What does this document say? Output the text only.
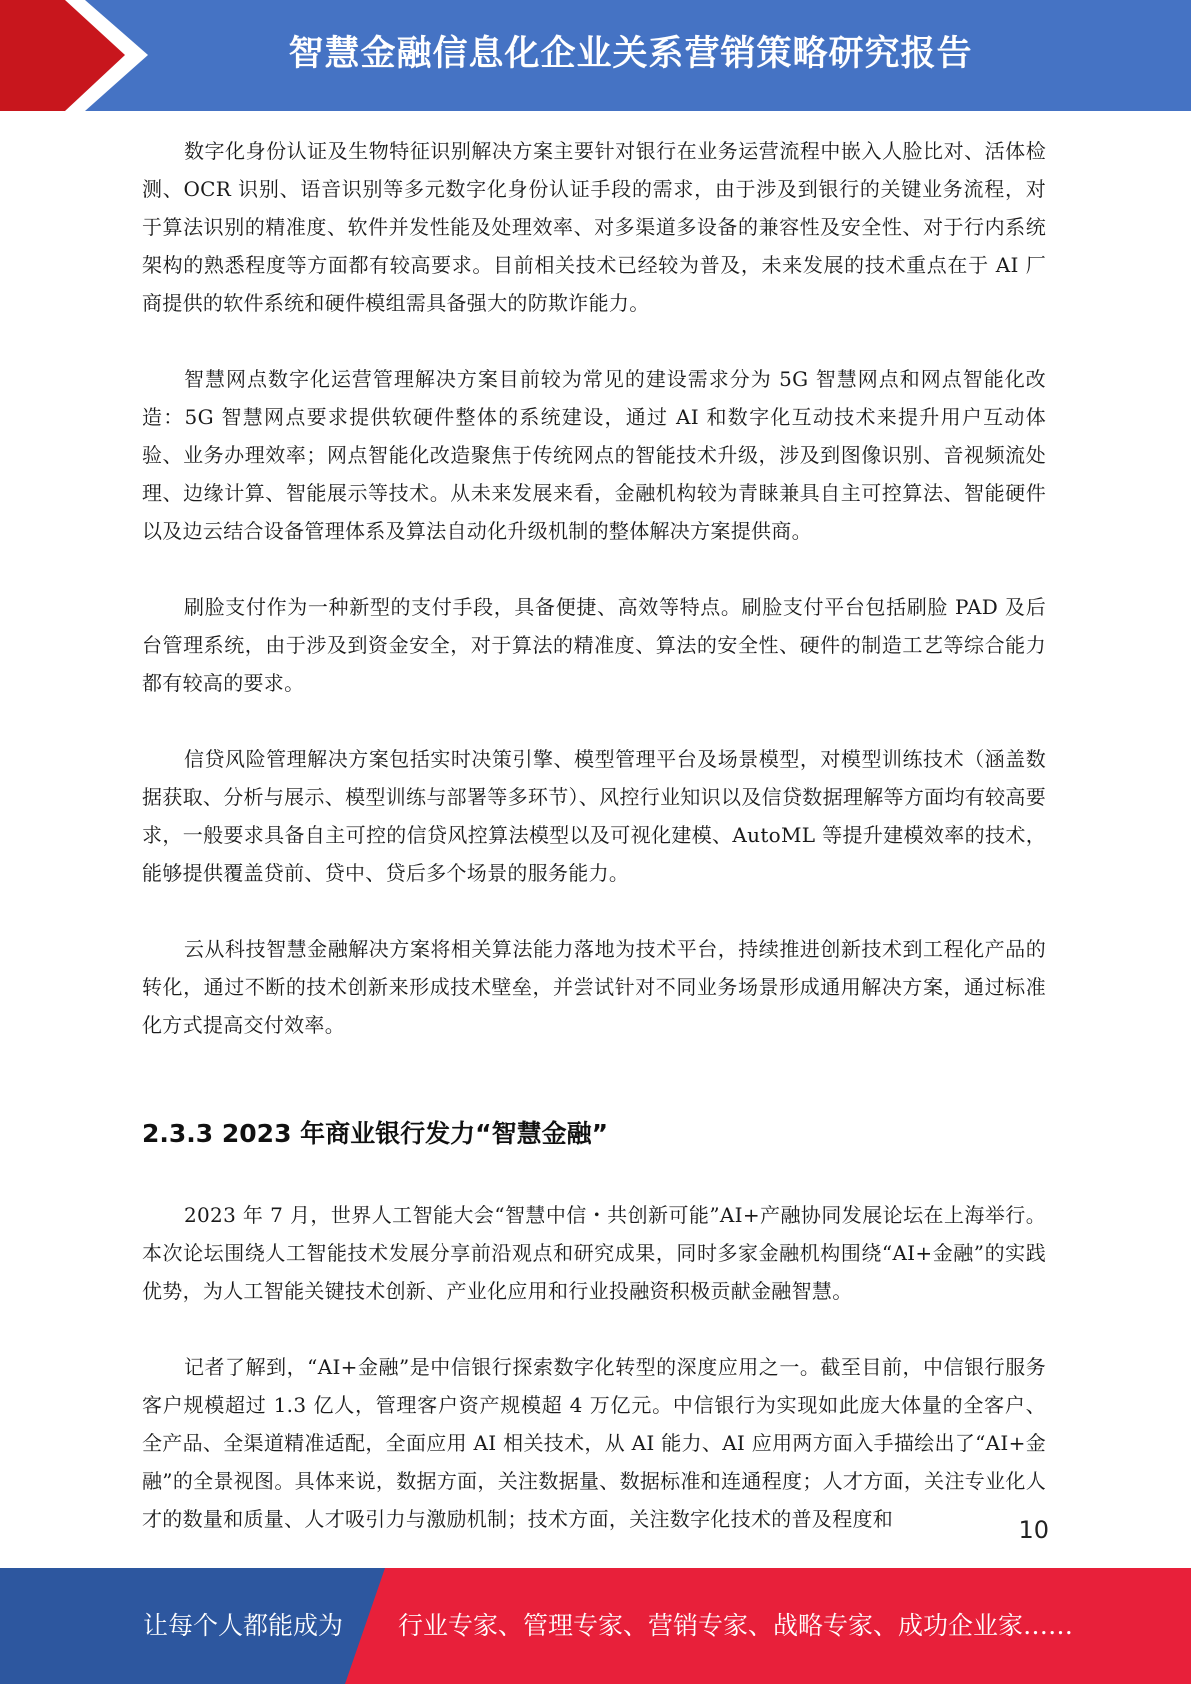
智慧金融信息化企业关系营销策略研究报告

数字化身份认证及生物特征识别解决方案主要针对银行在业务运营流程中嵌入人脸比对、活体检测、OCR 识别、语音识别等多元数字化身份认证手段的需求，由于涉及到银行的关键业务流程，对于算法识别的精准度、软件并发性能及处理效率、对多渠道多设备的兼容性及安全性、对于行内系统架构的熟悉程度等方面都有较高要求。目前相关技术已经较为普及，未来发展的技术重点在于 AI 厂商提供的软件系统和硬件模组需具备强大的防欺诈能力。

智慧网点数字化运营管理解决方案目前较为常见的建设需求分为 5G 智慧网点和网点智能化改造：5G 智慧网点要求提供软硬件整体的系统建设，通过 AI 和数字化互动技术来提升用户互动体验、业务办理效率；网点智能化改造聚焦于传统网点的智能技术升级，涉及到图像识别、音视频流处理、边缘计算、智能展示等技术。从未来发展来看，金融机构较为青睐兼具自主可控算法、智能硬件以及边云结合设备管理体系及算法自动化升级机制的整体解决方案提供商。

刷脸支付作为一种新型的支付手段，具备便捷、高效等特点。刷脸支付平台包括刷脸 PAD 及后台管理系统，由于涉及到资金安全，对于算法的精准度、算法的安全性、硬件的制造工艺等综合能力都有较高的要求。

信贷风险管理解决方案包括实时决策引擎、模型管理平台及场景模型，对模型训练技术（涵盖数据获取、分析与展示、模型训练与部署等多环节）、风控行业知识以及信贷数据理解等方面均有较高要求，一般要求具备自主可控的信贷风控算法模型以及可视化建模、AutoML 等提升建模效率的技术，能够提供覆盖贷前、贷中、贷后多个场景的服务能力。

云从科技智慧金融解决方案将相关算法能力落地为技术平台，持续推进创新技术到工程化产品的转化，通过不断的技术创新来形成技术壁垒，并尝试针对不同业务场景形成通用解决方案，通过标准化方式提高交付效率。

2.3.3 2023 年商业银行发力“智慧金融”

2023 年 7 月，世界人工智能大会“智慧中信・共创新可能”AI+产融协同发展论坛在上海举行。本次论坛围绕人工智能技术发展分享前沿观点和研究成果，同时多家金融机构围绕“AI+金融”的实践优势，为人工智能关键技术创新、产业化应用和行业投融资积极贡献金融智慧。

记者了解到，“AI+金融”是中信银行探索数字化转型的深度应用之一。截至目前，中信银行服务客户规模超过 1.3 亿人，管理客户资产规模超 4 万亿元。中信银行为实现如此庞大体量的全客户、全产品、全渠道精准适配，全面应用 AI 相关技术，从 AI 能力、AI 应用两方面入手描绘出了“AI+金融”的全景视图。具体来说，数据方面，关注数据量、数据标准和连通程度；人才方面，关注专业化人才的数量和质量、人才吸引力与激励机制；技术方面，关注数字化技术的普及程度和	10
让每个人都能成为 行业专家、管理专家、营销专家、战略专家、成功企业家……
